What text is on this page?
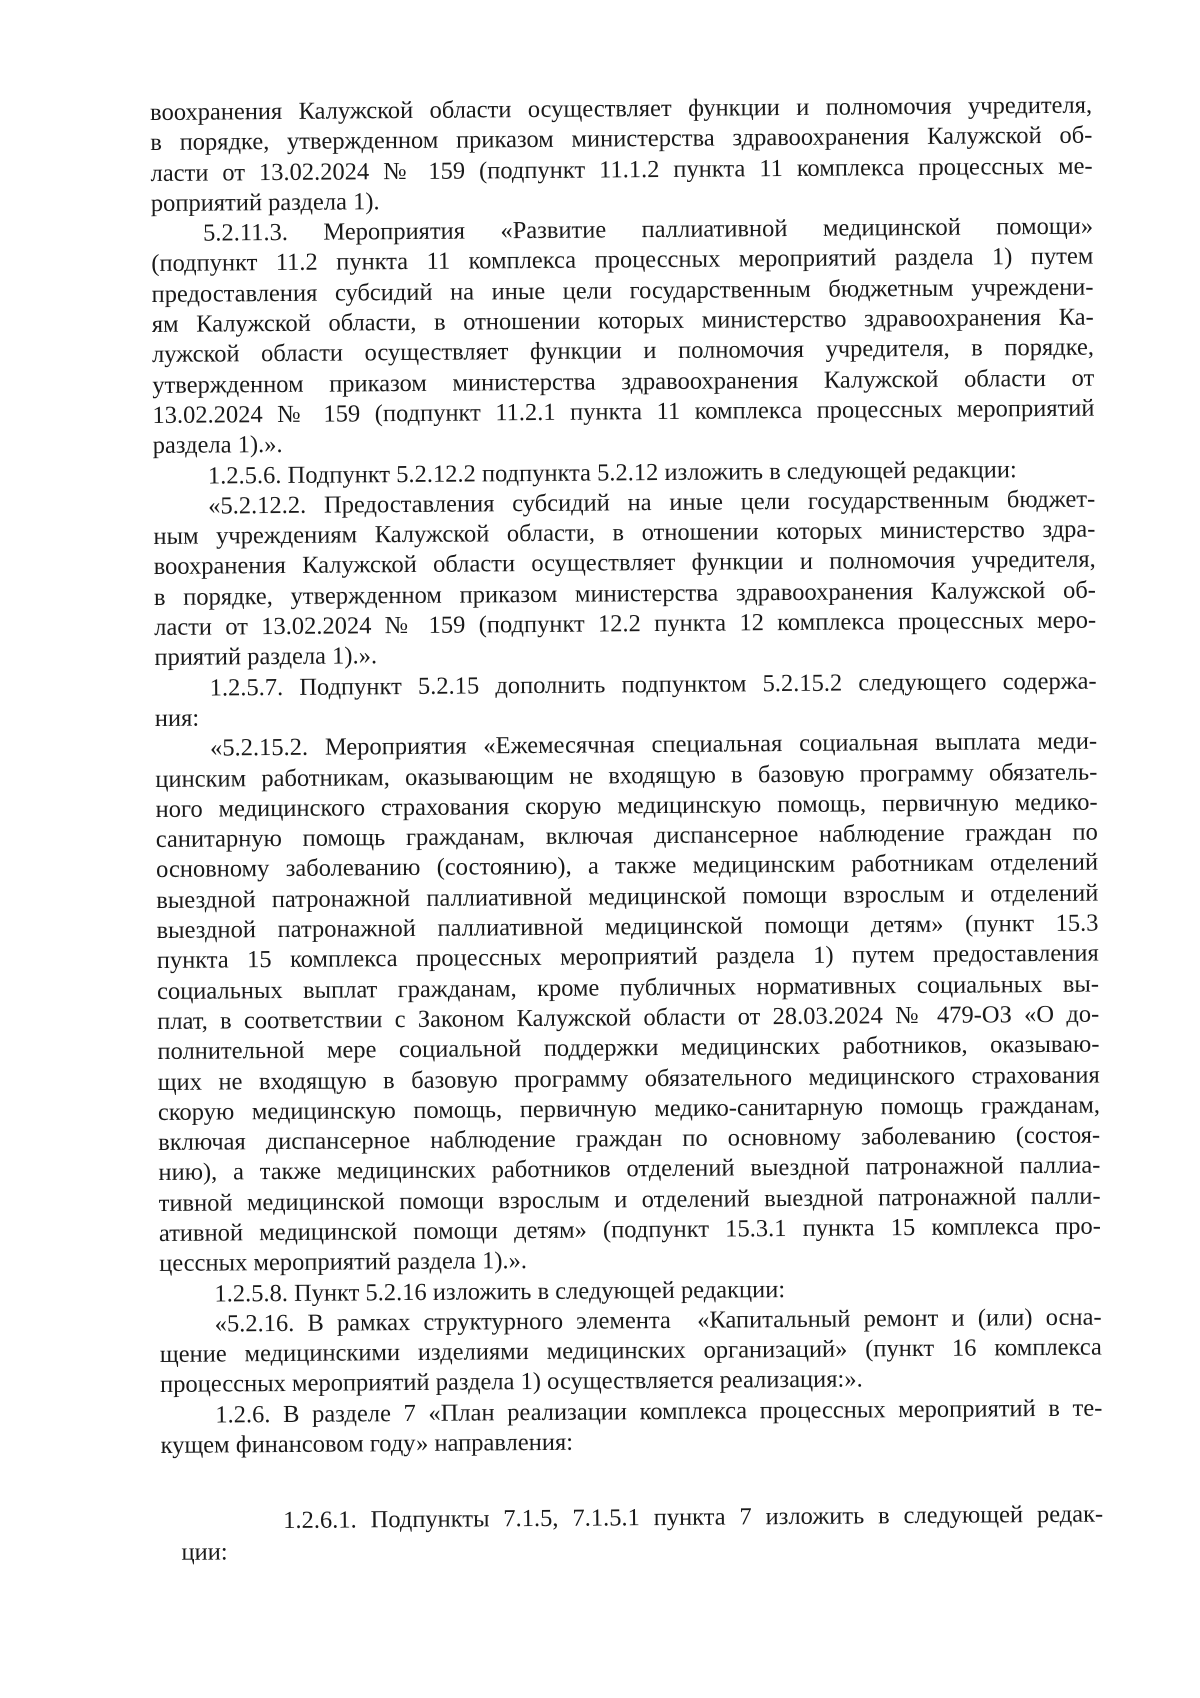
воохранения Калужской области осуществляет функции и полномочия учредителя,
в порядке, утвержденном приказом министерства здравоохранения Калужской об-
ласти от 13.02.2024 № 159 (подпункт 11.1.2 пункта 11 комплекса процессных ме-
роприятий раздела 1).
5.2.11.3. Мероприятия «Развитие паллиативной медицинской помощи»
(подпункт 11.2 пункта 11 комплекса процессных мероприятий раздела 1) путем
предоставления субсидий на иные цели государственным бюджетным учреждени-
ям Калужской области, в отношении которых министерство здравоохранения Ка-
лужской области осуществляет функции и полномочия учредителя, в порядке,
утвержденном приказом министерства здравоохранения Калужской области от
13.02.2024 № 159 (подпункт 11.2.1 пункта 11 комплекса процессных мероприятий
раздела 1).».
1.2.5.6. Подпункт 5.2.12.2 подпункта 5.2.12 изложить в следующей редакции:
«5.2.12.2. Предоставления субсидий на иные цели государственным бюджет-
ным учреждениям Калужской области, в отношении которых министерство здра-
воохранения Калужской области осуществляет функции и полномочия учредителя,
в порядке, утвержденном приказом министерства здравоохранения Калужской об-
ласти от 13.02.2024 № 159 (подпункт 12.2 пункта 12 комплекса процессных меро-
приятий раздела 1).».
1.2.5.7. Подпункт 5.2.15 дополнить подпунктом 5.2.15.2 следующего содержа-
ния:
«5.2.15.2. Мероприятия «Ежемесячная специальная социальная выплата меди-
цинским работникам, оказывающим не входящую в базовую программу обязатель-
ного медицинского страхования скорую медицинскую помощь, первичную медико-
санитарную помощь гражданам, включая диспансерное наблюдение граждан по
основному заболеванию (состоянию), а также медицинским работникам отделений
выездной патронажной паллиативной медицинской помощи взрослым и отделений
выездной патронажной паллиативной медицинской помощи детям» (пункт 15.3
пункта 15 комплекса процессных мероприятий раздела 1) путем предоставления
социальных выплат гражданам, кроме публичных нормативных социальных вы-
плат, в соответствии с Законом Калужской области от 28.03.2024 № 479-ОЗ «О до-
полнительной мере социальной поддержки медицинских работников, оказываю-
щих не входящую в базовую программу обязательного медицинского страхования
скорую медицинскую помощь, первичную медико-санитарную помощь гражданам,
включая диспансерное наблюдение граждан по основному заболеванию (состоя-
нию), а также медицинских работников отделений выездной патронажной паллиа-
тивной медицинской помощи взрослым и отделений выездной патронажной палли-
ативной медицинской помощи детям» (подпункт 15.3.1 пункта 15 комплекса про-
цессных мероприятий раздела 1).».
1.2.5.8. Пункт 5.2.16 изложить в следующей редакции:
«5.2.16. В рамках структурного элемента  «Капитальный ремонт и (или) осна-
щение медицинскими изделиями медицинских организаций» (пункт 16 комплекса
процессных мероприятий раздела 1) осуществляется реализация:».
1.2.6. В разделе 7 «План реализации комплекса процессных мероприятий в те-
кущем финансовом году» направления:
1.2.6.1. Подпункты 7.1.5, 7.1.5.1 пункта 7 изложить в следующей редак-
ции:
